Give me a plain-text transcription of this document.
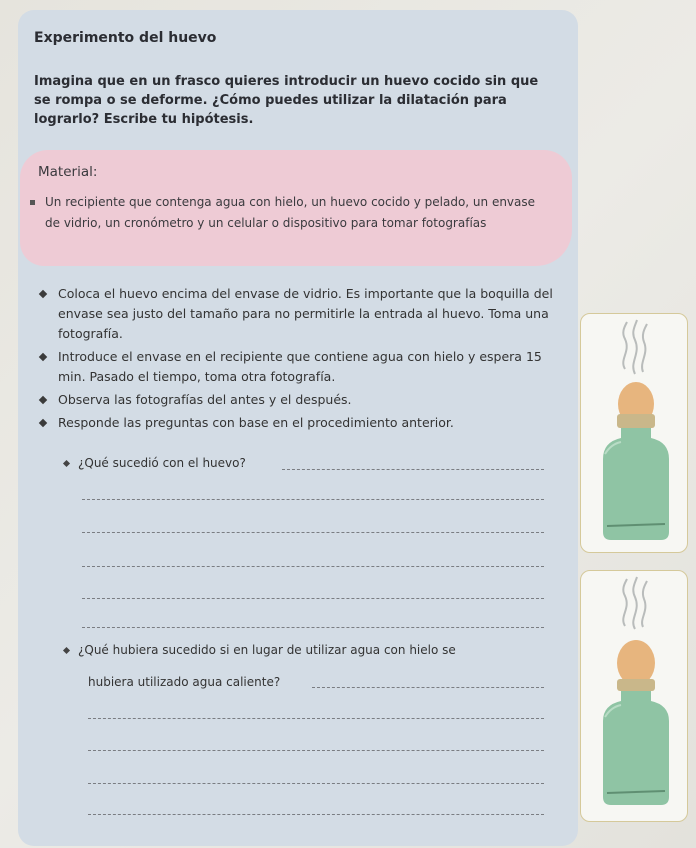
Experimento del huevo
Imagina que en un frasco quieres introducir un huevo cocido sin que se rompa o se deforme. ¿Cómo puedes utilizar la dilatación para lograrlo? Escribe tu hipótesis.
Material:
Un recipiente que contenga agua con hielo, un huevo cocido y pelado, un envase de vidrio, un cronómetro y un celular o dispositivo para tomar fotografías
Coloca el huevo encima del envase de vidrio. Es importante que la boquilla del envase sea justo del tamaño para no permitirle la entrada al huevo. Toma una fotografía.
Introduce el envase en el recipiente que contiene agua con hielo y espera 15 min. Pasado el tiempo, toma otra fotografía.
Observa las fotografías del antes y el después.
Responde las preguntas con base en el procedimiento anterior.
¿Qué sucedió con el huevo?
¿Qué hubiera sucedido si en lugar de utilizar agua con hielo se
hubiera utilizado agua caliente?
